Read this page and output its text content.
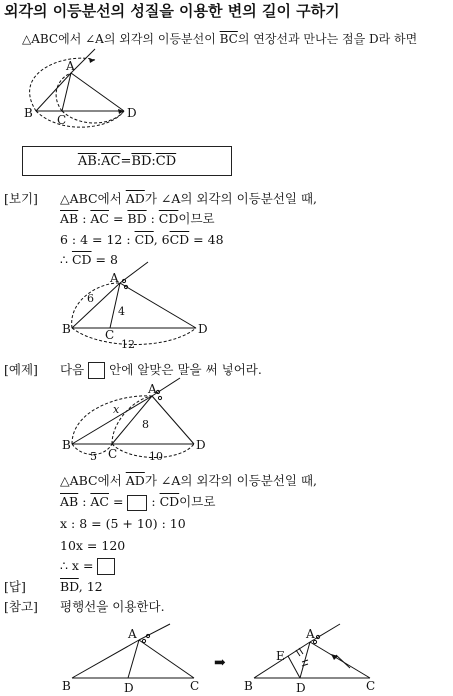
외각의 이등분선의 성질을 이용한 변의 길이 구하기
△ABC에서 ∠A의 외각의 이등분선이 $\overline{BC}$의 연장선과 만나는 점을 D라 하면
A
B C	D
$\overline{AB}$ : $\overline{AC} = \overline{BD}$ : $\overline{CD}$
[보기] △ABC에서 $\overline{AD}$가 ∠A의 외각의 이등분선일 때,
$\overline{AB}$ : $\overline{AC} = \overline{BD}$ : $\overline{CD}$이므로
6 : 4 = 12 : $\overline{CD}$, $6\overline{CD} = 48$
∴ $\overline{CD} = 8$
A
B	C	D
6
4
12
[예제] 다음 안에 알맞은 말을 써 넣어라.
A
B
C
D
x
8
5	10
△ABC에서 $\overline{AD}$가 ∠A의 외각의 이등분선일 때,
$\overline{AB}$ : $\overline{AC}$ =  : $\overline{CD}$이므로
x : 8 = (5 + 10) : 10
10x = 120
∴ x =
[답]	$\overline{BD}$, 12
[참고] 평행선을 이용한다.
➡
A
B	D	C
A
E
B	D	C
